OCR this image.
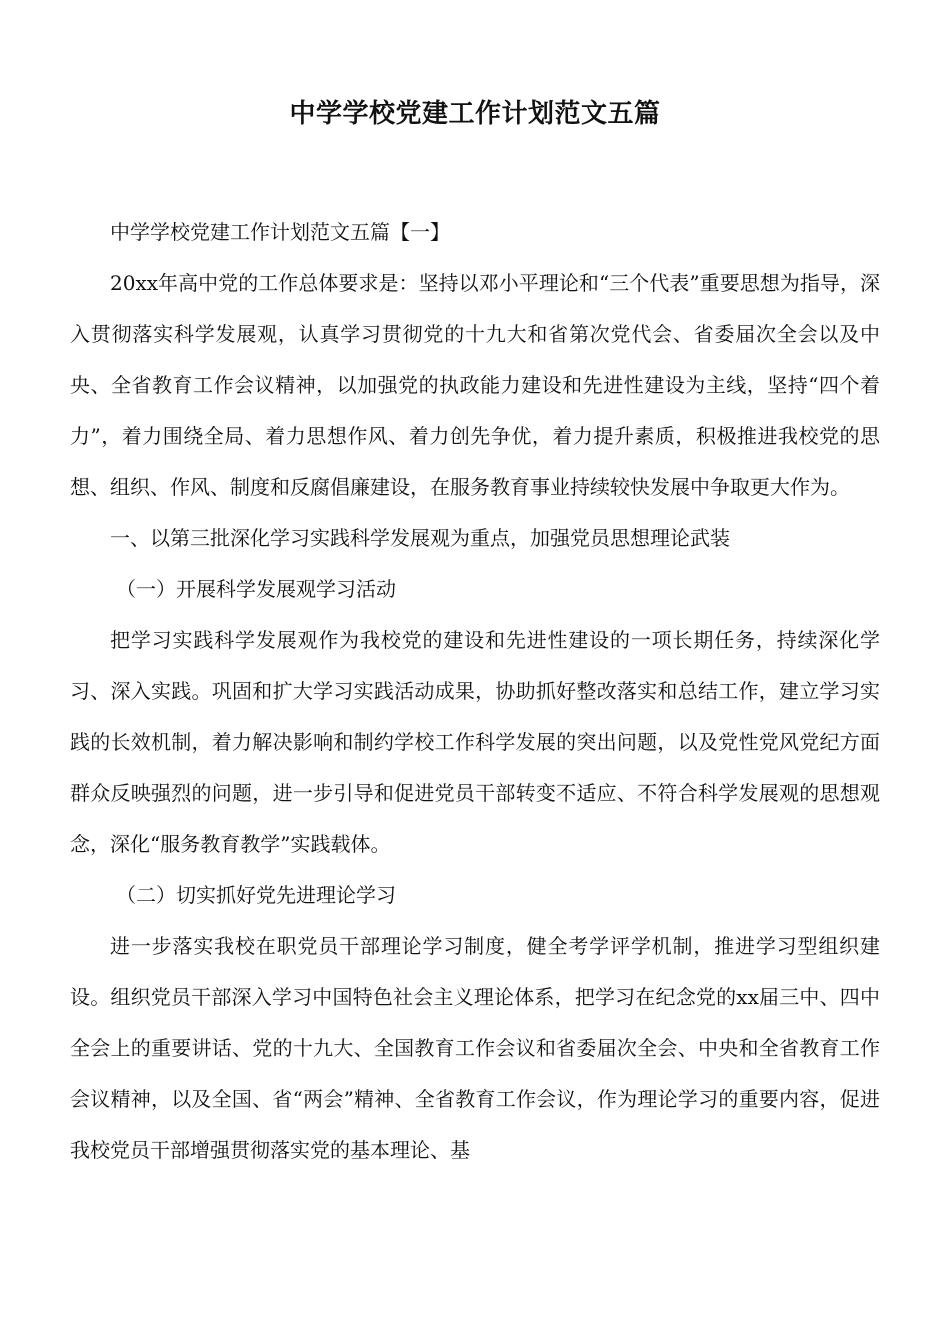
中学学校党建工作计划范文五篇

中学学校党建工作计划范文五篇【一】

20xx年高中党的工作总体要求是：坚持以邓小平理论和“三个代表”重要思想为指导，深入贯彻落实科学发展观，认真学习贯彻党的十九大和省第次党代会、省委届次全会以及中央、全省教育工作会议精神，以加强党的执政能力建设和先进性建设为主线，坚持“四个着力”，着力围绕全局、着力思想作风、着力创先争优，着力提升素质，积极推进我校党的思想、组织、作风、制度和反腐倡廉建设，在服务教育事业持续较快发展中争取更大作为。

一、以第三批深化学习实践科学发展观为重点，加强党员思想理论武装

（一）开展科学发展观学习活动

把学习实践科学发展观作为我校党的建设和先进性建设的一项长期任务，持续深化学习、深入实践。巩固和扩大学习实践活动成果，协助抓好整改落实和总结工作，建立学习实践的长效机制，着力解决影响和制约学校工作科学发展的突出问题，以及党性党风党纪方面群众反映强烈的问题，进一步引导和促进党员干部转变不适应、不符合科学发展观的思想观念，深化“服务教育教学”实践载体。

（二）切实抓好党先进理论学习

进一步落实我校在职党员干部理论学习制度，健全考学评学机制，推进学习型组织建设。组织党员干部深入学习中国特色社会主义理论体系，把学习在纪念党的xx届三中、四中全会上的重要讲话、党的十九大、全国教育工作会议和省委届次全会、中央和全省教育工作会议精神，以及全国、省“两会”精神、全省教育工作会议，作为理论学习的重要内容，促进我校党员干部增强贯彻落实党的基本理论、基
